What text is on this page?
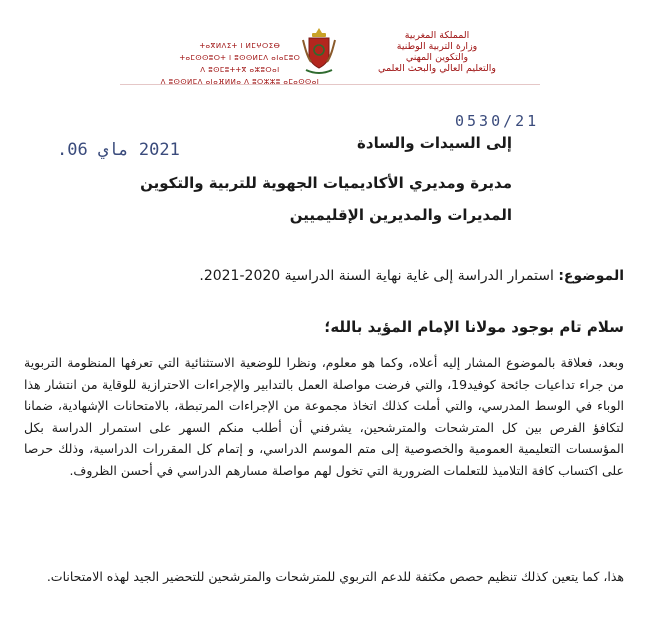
المملكة المغربية
وزارة التربية الوطنية
والتكوين المهني
والتعليم العالي والبحث العلمي
ⵜⴰⴳⵍⴷⵉⵜ ⵏ ⵍⵎⵖⵔⵉⴱ
ⵜⴰⵎⵙⵙⵓⵔⵜ ⵏ ⵓⵙⵙⵍⵎⴷ ⴰⵏⴰⵎⵓⵔ
ⴷ ⵓⵙⵎⵓⵜⵜⴳ ⴰⵣⵓⵔⴰⵏ
ⴷ ⵓⵙⵙⵍⵎⴷ ⴰⵏⴰⴼⵍⵍⴰ ⴷ ⵓⵔⵣⵣⵓ ⴰⵎⴰⵙⵙⴰⵏ
0530/21
2021 ماي 06.	إلى السيدات والسادة
مديرة ومديري الأكاديميات الجهوية للتربية والتكوين
المديرات والمديرين الإقليميين
الموضوع: استمرار الدراسة إلى غاية نهاية السنة الدراسية 2020-2021.
سلام تام بوجود مولانا الإمام المؤيد بالله؛
وبعد، فعلاقة بالموضوع المشار إليه أعلاه، وكما هو معلوم، ونظرا للوضعية الاستثنائية التي تعرفها المنظومة التربوية من جراء تداعيات جائحة كوفيد19، والتي فرضت مواصلة العمل بالتدابير والإجراءات الاحترازية للوقاية من انتشار هذا الوباء في الوسط المدرسي، والتي أملت كذلك اتخاذ مجموعة من الإجراءات المرتبطة، بالامتحانات الإشهادية، ضمانا لتكافؤ الفرص بين كل المترشحات والمترشحين، يشرفني أن أطلب منكم السهر على استمرار الدراسة بكل المؤسسات التعليمية العمومية والخصوصية إلى متم الموسم الدراسي، و إتمام كل المقررات الدراسية، وذلك حرصا على اكتساب كافة التلاميذ للتعلمات الضرورية التي تخول لهم مواصلة مسارهم الدراسي في أحسن الظروف.
هذا، كما يتعين كذلك تنظيم حصص مكثفة للدعم التربوي للمترشحات والمترشحين للتحضير الجيد لهذه الامتحانات.
